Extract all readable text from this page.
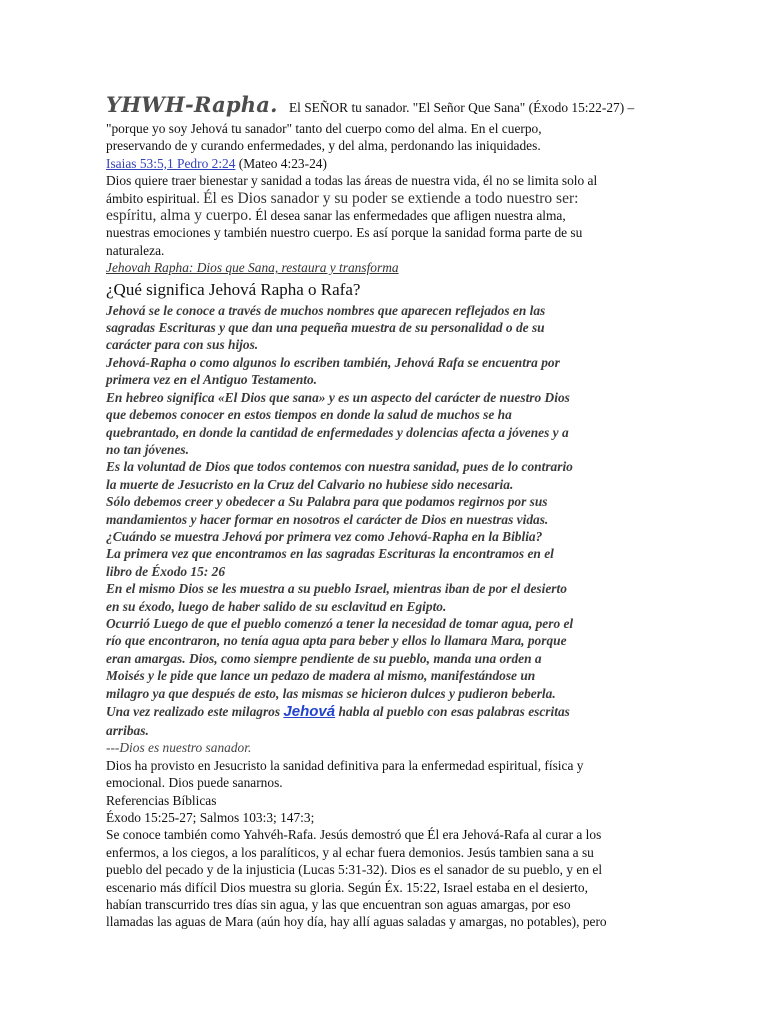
YHWH-Rapha. El SEÑOR tu sanador. "El Señor Que Sana" (Éxodo 15:22-27) –

"porque yo soy Jehová tu sanador" tanto del cuerpo como del alma. En el cuerpo,

preservando de y curando enfermedades, y del alma, perdonando las iniquidades.

Isaias 53:5,1 Pedro 2:24 (Mateo 4:23-24)

Dios quiere traer bienestar y sanidad a todas las áreas de nuestra vida, él no se limita solo al

ámbito espiritual. Él es Dios sanador y su poder se extiende a todo nuestro ser:

espíritu, alma y cuerpo. Él desea sanar las enfermedades que afligen nuestra alma,

nuestras emociones y también nuestro cuerpo. Es así porque la sanidad forma parte de su

naturaleza.

Jehovah Rapha: Dios que Sana, restaura y transforma

¿Qué significa Jehová Rapha o Rafa?

Jehová se le conoce a través de muchos nombres que aparecen reflejados en las

sagradas Escrituras y que dan una pequeña muestra de su personalidad o de su

carácter para con sus hijos.

Jehová-Rapha o como algunos lo escriben también, Jehová Rafa se encuentra por

primera vez en el Antiguo Testamento.

En hebreo significa «El Dios que sana» y es un aspecto del carácter de nuestro Dios

que debemos conocer en estos tiempos en donde la salud de muchos se ha

quebrantado, en donde la cantidad de enfermedades y dolencias afecta a jóvenes y a

no tan jóvenes.

Es la voluntad de Dios que todos contemos con nuestra sanidad, pues de lo contrario

la muerte de Jesucristo en la Cruz del Calvario no hubiese sido necesaria.

Sólo debemos creer y obedecer a Su Palabra para que podamos regirnos por sus

mandamientos y hacer formar en nosotros el carácter de Dios en nuestras vidas.

¿Cuándo se muestra Jehová por primera vez como Jehová-Rapha en la Biblia?

La primera vez que encontramos en las sagradas Escrituras la encontramos en el

libro de Éxodo 15: 26

En el mismo Dios se les muestra a su pueblo Israel, mientras iban de por el desierto

en su éxodo, luego de haber salido de su esclavitud en Egipto.

Ocurrió Luego de que el pueblo comenzó a tener la necesidad de tomar agua, pero el

río que encontraron, no tenía agua apta para beber y ellos lo llamara Mara, porque

eran amargas. Dios, como siempre pendiente de su pueblo, manda una orden a

Moisés y le pide que lance un pedazo de madera al mismo, manifestándose un

milagro ya que después de esto, las mismas se hicieron dulces y pudieron beberla.

Una vez realizado este milagros Jehová habla al pueblo con esas palabras escritas

arribas.

---Dios es nuestro sanador.

Dios ha provisto en Jesucristo la sanidad definitiva para la enfermedad espiritual, física y

emocional. Dios puede sanarnos.

Referencias Bíblicas

Éxodo 15:25-27; Salmos 103:3; 147:3;

Se conoce también como Yahvéh-Rafa. Jesús demostró que Él era Jehová-Rafa al curar a los

enfermos, a los ciegos, a los paralíticos, y al echar fuera demonios. Jesús tambien sana a su

pueblo del pecado y de la injusticia (Lucas 5:31-32). Dios es el sanador de su pueblo, y en el

escenario más difícil Dios muestra su gloria. Según Éx. 15:22, Israel estaba en el desierto,

habían transcurrido tres días sin agua, y las que encuentran son aguas amargas, por eso

llamadas las aguas de Mara (aún hoy día, hay allí aguas saladas y amargas, no potables), pero
